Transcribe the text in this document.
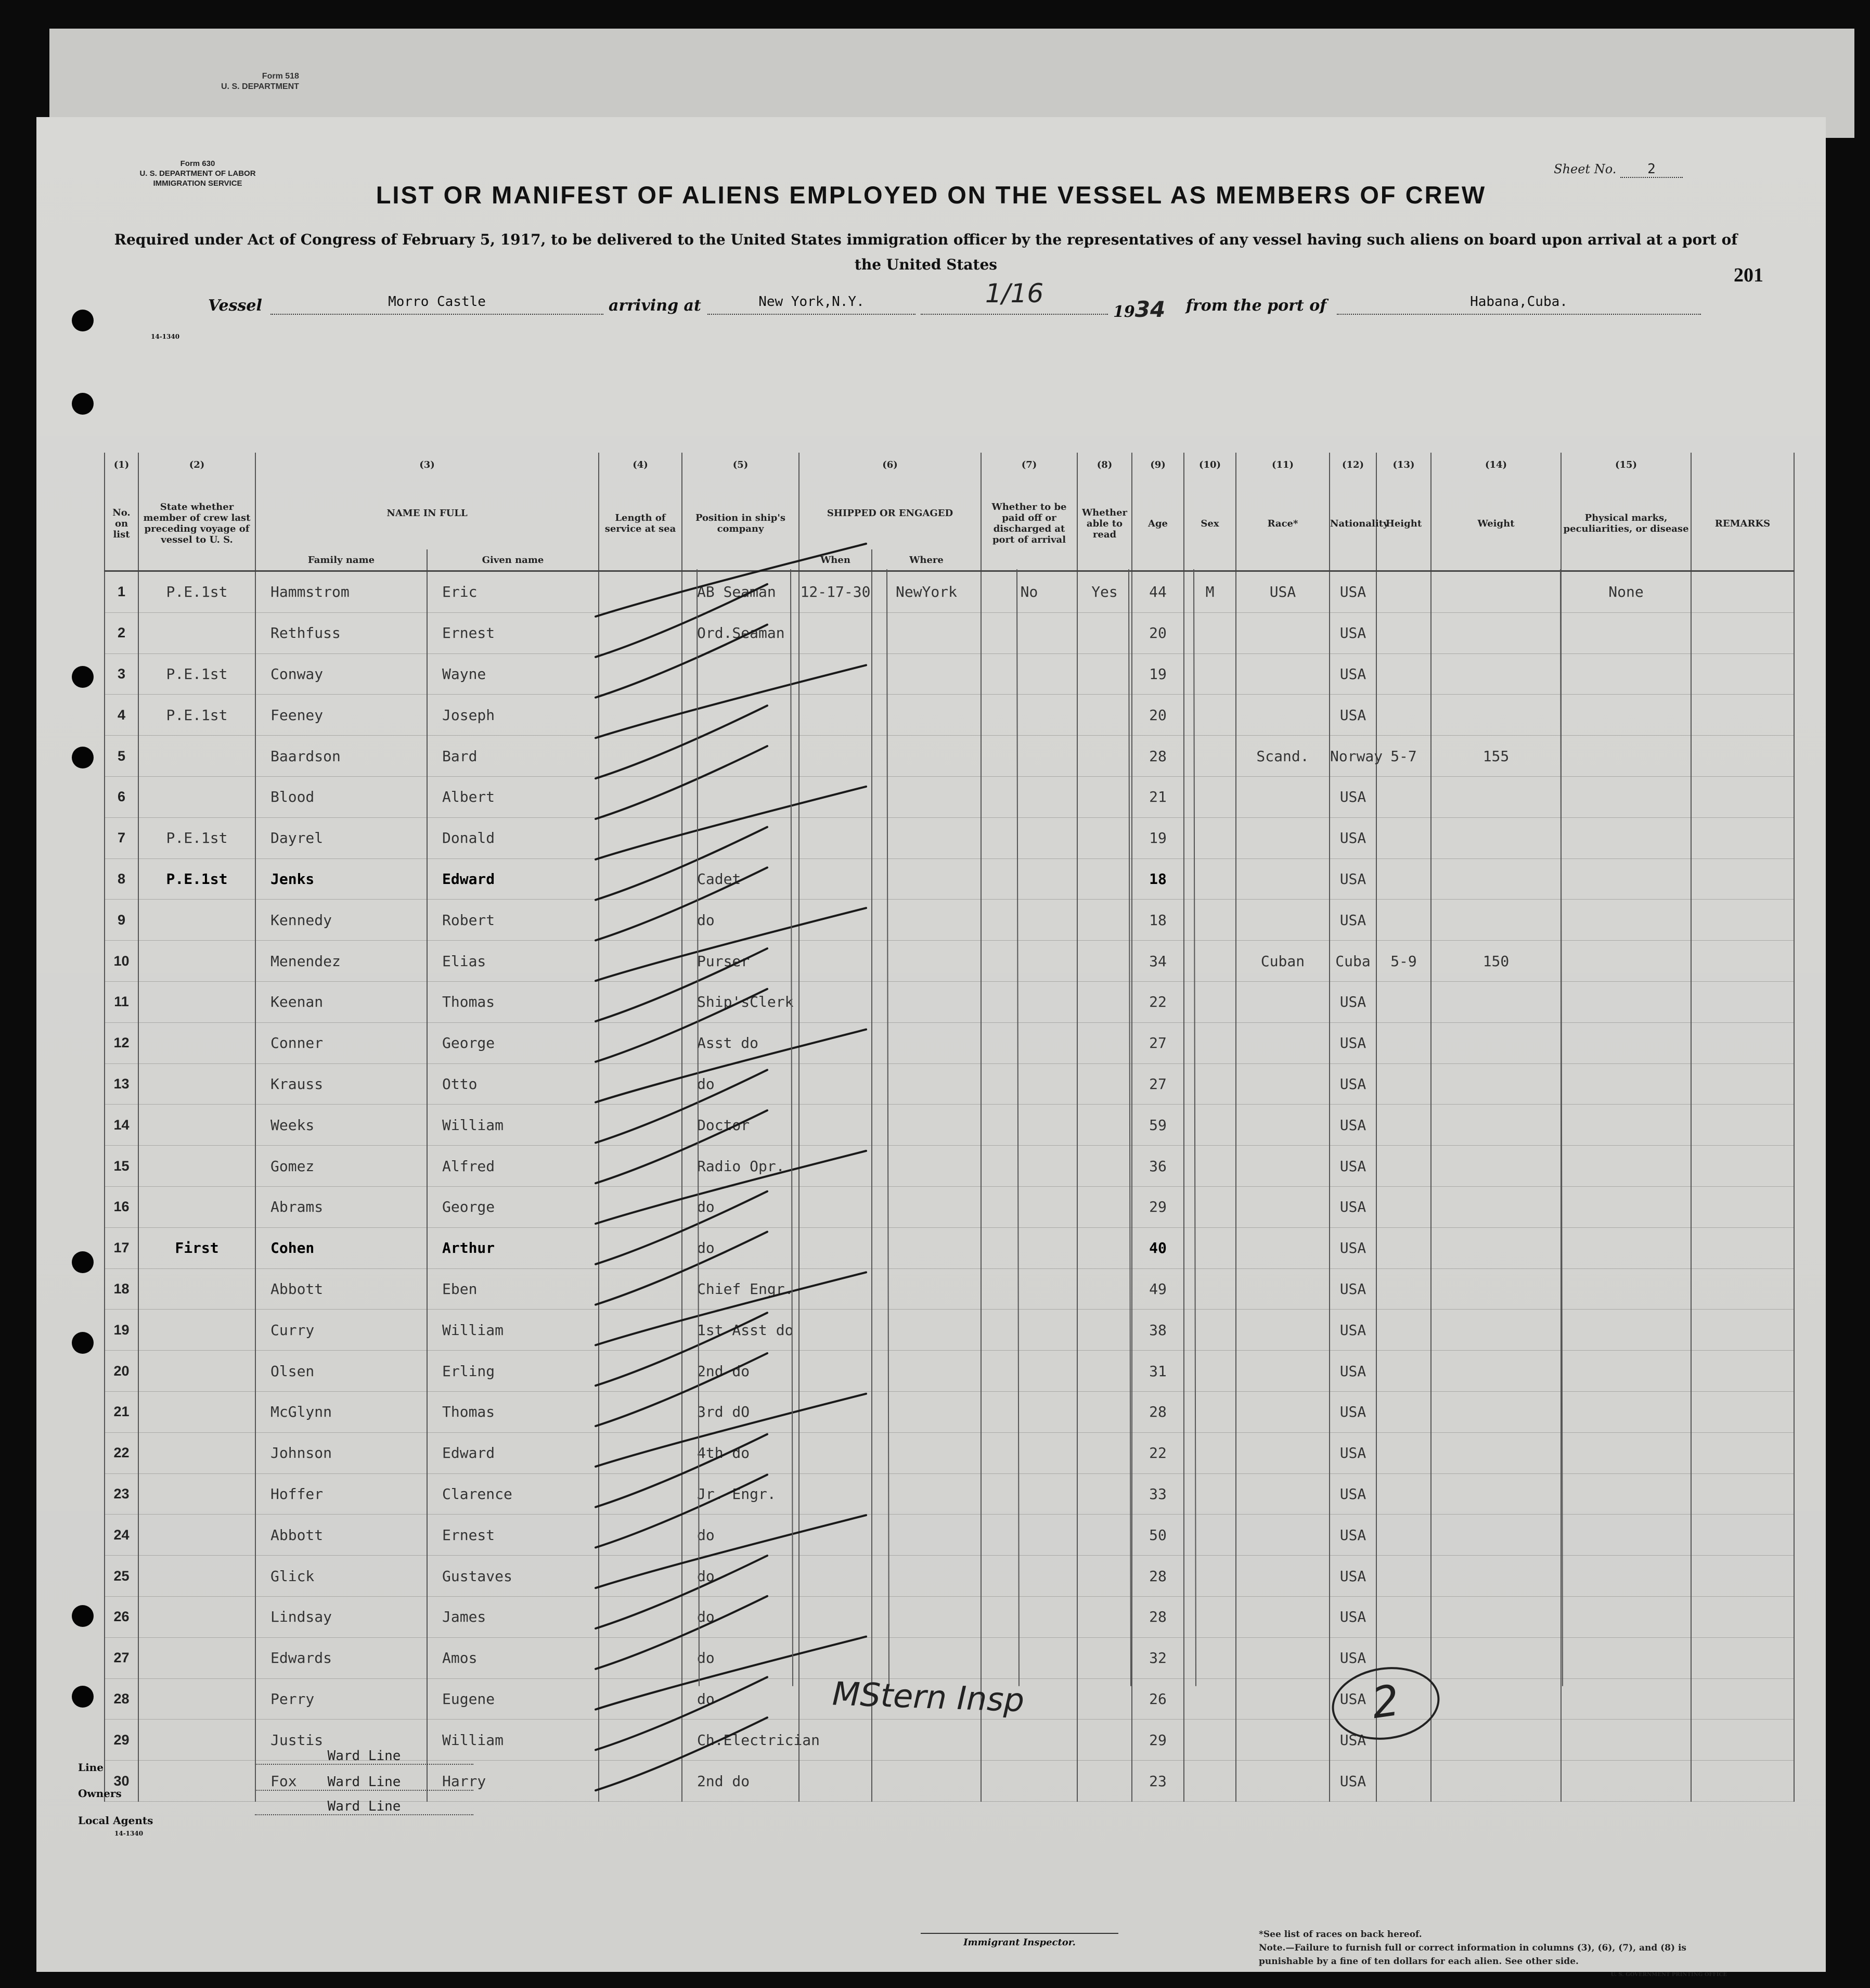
Form 518
U. S. DEPARTMENT
Form 630
U. S. DEPARTMENT OF LABOR
IMMIGRATION SERVICE
Sheet No. 2
LIST OR MANIFEST OF ALIENS EMPLOYED ON THE VESSEL AS MEMBERS OF CREW
Required under Act of Congress of February 5, 1917, to be delivered to the United States immigration officer by the representatives of any vessel having such aliens on board upon arrival at a port of the United States	201
Vessel	Morro Castle	arriving at	New York,N.Y.	1/16
1934 from the port of	Habana,Cuba.
(1)	(2)	(3)		(4)	(5)	(6)		(7)	(8)	(9)	(10)	(11)	(12)	(13)	(14)	(15)	
No. on list	State whether member of crew last preceding voyage of vessel to U. S.	NAME IN FULL		Length of service at sea	Position in ship's company	SHIPPED OR ENGAGED		Whether to be paid off or discharged at port of arrival	Whether able to read	Age	Sex	Race*	Nationality	Height	Weight	Physical marks, peculiarities, or disease	REMARKS
		Family name	Given name			When	Where										
1	P.E.1st	Hammstrom	Eric		AB Seaman	12-17-30	NewYork	No	Yes	44	M	USA	USA			None	
2		Rethfuss	Ernest		Ord.Seaman					20			USA				
3	P.E.1st	Conway	Wayne							19			USA				
4	P.E.1st	Feeney	Joseph							20			USA				
5		Baardson	Bard							28		Scand.	Norway	5-7	155		
6		Blood	Albert							21			USA				
7	P.E.1st	Dayrel	Donald							19			USA				
8	P.E.1st	Jenks	Edward		Cadet					18			USA				
9		Kennedy	Robert		do					18			USA				
10		Menendez	Elias		Purser					34		Cuban	Cuba	5-9	150		
11		Keenan	Thomas		Ship'sClerk					22			USA				
12		Conner	George		Asst do					27			USA				
13		Krauss	Otto		do					27			USA				
14		Weeks	William		Doctor					59			USA				
15		Gomez	Alfred		Radio Opr.					36			USA				
16		Abrams	George		do					29			USA				
17	First	Cohen	Arthur		do					40			USA				
18		Abbott	Eben		Chief Engr.					49			USA				
19		Curry	William		1st Asst do					38			USA				
20		Olsen	Erling		2nd do					31			USA				
21		McGlynn	Thomas		3rd dO					28			USA				
22		Johnson	Edward		4th do					22			USA				
23		Hoffer	Clarence		Jr. Engr.					33			USA				
24		Abbott	Ernest		do					50			USA				
25		Glick	Gustaves		do					28			USA				
26		Lindsay	James		do					28			USA				
27		Edwards	Amos		do					32			USA				
28		Perry	Eugene		do					26			USA				
29		Justis	William		Ch.Electrician					29			USA				
30		Fox	Harry		2nd do					23			USA				
Line
Ward Line
Owners
Ward Line
Local Agents
Ward Line
14-1340
14-1340
MStern Insp	2
Immigrant Inspector.
*See list of races on back hereof.
Note.—Failure to furnish full or correct information in columns (3), (6), (7), and (8) is punishable by a fine of ten dollars for each alien. See other side.
U. S. GOVERNMENT PRINTING OFFICE
